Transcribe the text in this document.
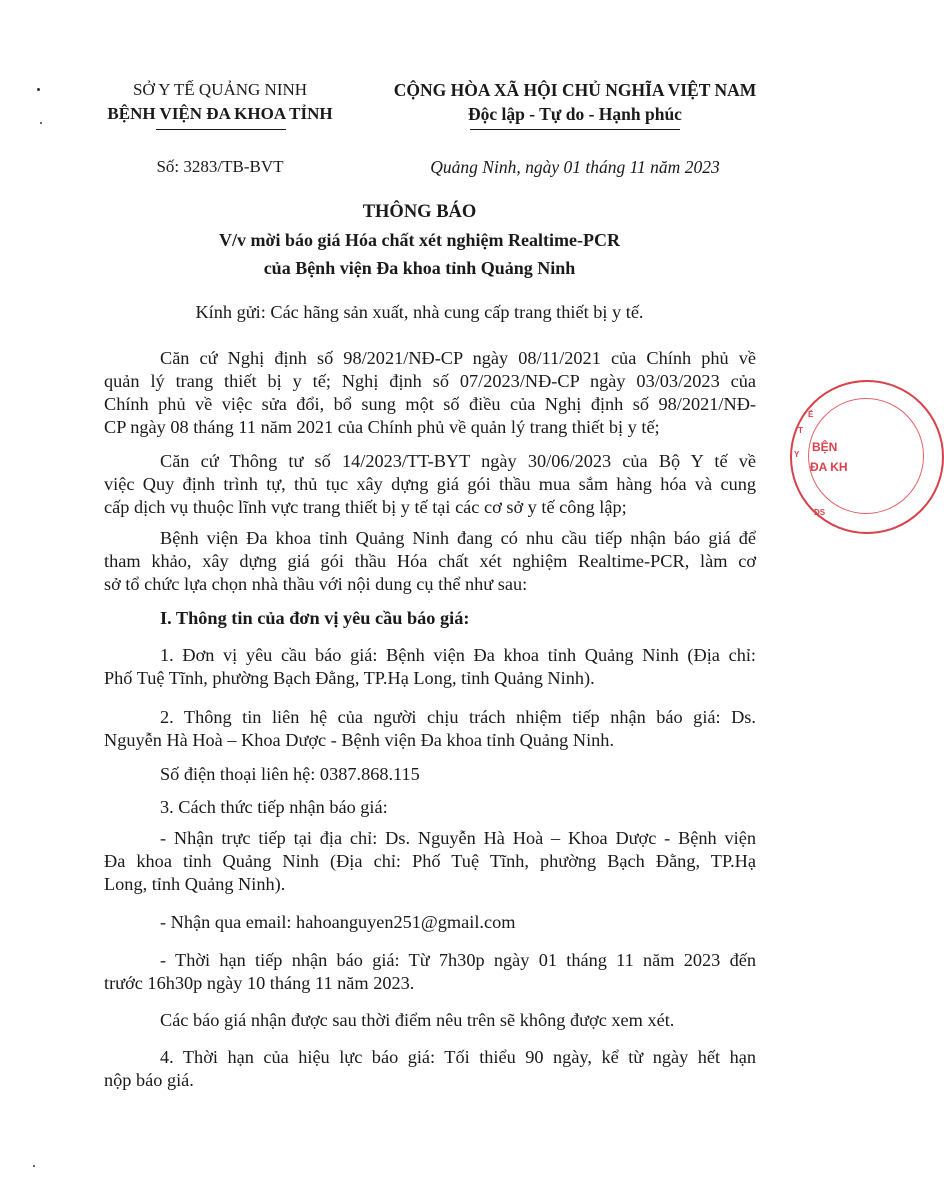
SỞ Y TẾ QUẢNG NINH
BỆNH VIỆN ĐA KHOA TỈNH
CỘNG HÒA XÃ HỘI CHỦ NGHĨA VIỆT NAM
Độc lập - Tự do - Hạnh phúc
Số: 3283/TB-BVT	Quảng Ninh, ngày 01 tháng 11 năm 2023
THÔNG BÁO
V/v mời báo giá Hóa chất xét nghiệm Realtime-PCR
của Bệnh viện Đa khoa tỉnh Quảng Ninh
Kính gửi: Các hãng sản xuất, nhà cung cấp trang thiết bị y tế.
Căn cứ Nghị định số 98/2021/NĐ-CP ngày 08/11/2021 của Chính phủ về
quản lý trang thiết bị y tế; Nghị định số 07/2023/NĐ-CP ngày 03/03/2023 của
Chính phủ về việc sửa đổi, bổ sung một số điều của Nghị định số 98/2021/NĐ-
CP ngày 08 tháng 11 năm 2021 của Chính phủ về quản lý trang thiết bị y tế;
Căn cứ Thông tư số 14/2023/TT-BYT ngày 30/06/2023 của Bộ Y tế về
việc Quy định trình tự, thủ tục xây dựng giá gói thầu mua sắm hàng hóa và cung
cấp dịch vụ thuộc lĩnh vực trang thiết bị y tế tại các cơ sở y tế công lập;
Bệnh viện Đa khoa tỉnh Quảng Ninh đang có nhu cầu tiếp nhận báo giá để
tham khảo, xây dựng giá gói thầu Hóa chất xét nghiệm Realtime-PCR, làm cơ
sở tổ chức lựa chọn nhà thầu với nội dung cụ thể như sau:
I. Thông tin của đơn vị yêu cầu báo giá:
1. Đơn vị yêu cầu báo giá: Bệnh viện Đa khoa tỉnh Quảng Ninh (Địa chỉ:
Phố Tuệ Tĩnh, phường Bạch Đằng, TP.Hạ Long, tỉnh Quảng Ninh).
2. Thông tin liên hệ của người chịu trách nhiệm tiếp nhận báo giá: Ds.
Nguyễn Hà Hoà – Khoa Dược - Bệnh viện Đa khoa tỉnh Quảng Ninh.
Số điện thoại liên hệ: 0387.868.115
3. Cách thức tiếp nhận báo giá:
- Nhận trực tiếp tại địa chỉ: Ds. Nguyễn Hà Hoà – Khoa Dược - Bệnh viện
Đa khoa tỉnh Quảng Ninh (Địa chỉ: Phố Tuệ Tĩnh, phường Bạch Đằng, TP.Hạ
Long, tỉnh Quảng Ninh).
- Nhận qua email: hahoanguyen251@gmail.com
- Thời hạn tiếp nhận báo giá: Từ 7h30p ngày 01 tháng 11 năm 2023 đến
trước 16h30p ngày 10 tháng 11 năm 2023.
Các báo giá nhận được sau thời điểm nêu trên sẽ không được xem xét.
4. Thời hạn của hiệu lực báo giá: Tối thiểu 90 ngày, kể từ ngày hết hạn
nộp báo giá.
BỆN
ĐA KH
Y
T
Ế
ĐS
